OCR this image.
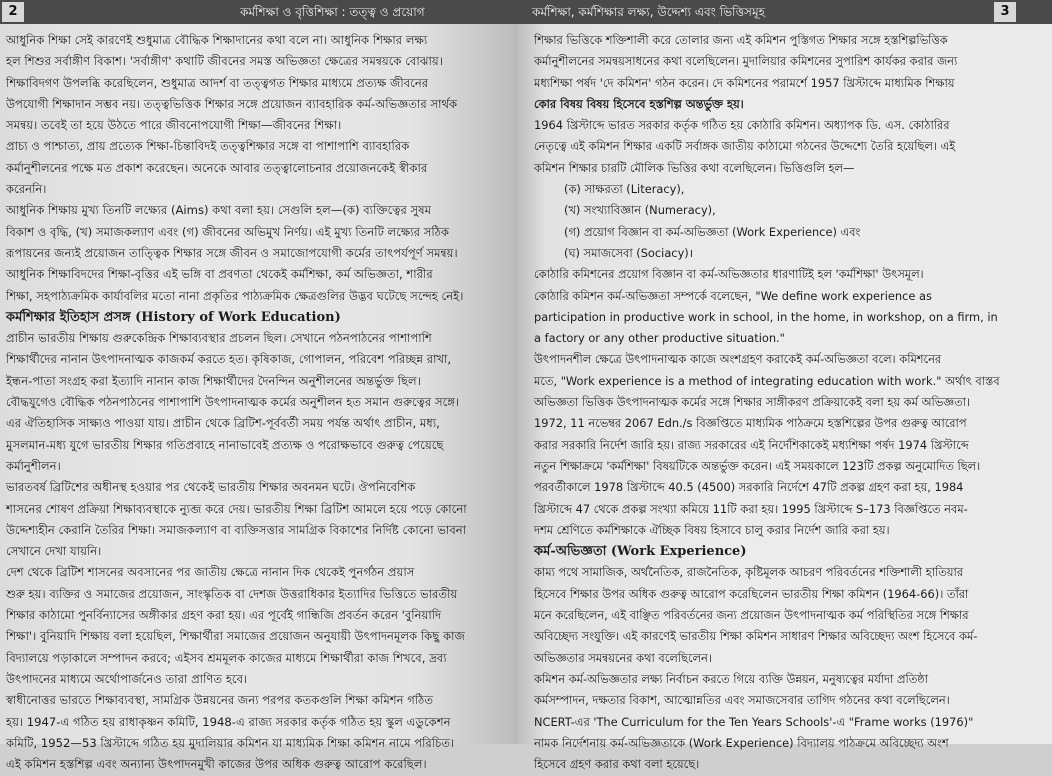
কর্মশিক্ষা ও বৃত্তিশিক্ষা : তত্ত্ব ও প্রয়োগ
2
আধুনিক শিক্ষা সেই কারণেই শুধুমাত্র বৌদ্ধিক শিক্ষাদানের কথা বলে না। আধুনিক শিক্ষার লক্ষ্য
হল শিশুর সর্বাঙ্গীণ বিকাশ। 'সর্বাঙ্গীণ' কথাটি জীবনের সমস্ত অভিজ্ঞতা ক্ষেত্রের সমন্বয়কে বোঝায়।
শিক্ষাবিদগণ উপলব্ধি করেছিলেন, শুধুমাত্র আদর্শ বা তত্ত্বগত শিক্ষার মাধ্যমে প্রত্যক্ষ জীবনের
উপযোগী শিক্ষাদান সম্ভব নয়। তত্ত্বভিত্তিক শিক্ষার সঙ্গে প্রয়োজন ব্যাবহারিক কর্ম-অভিজ্ঞতার সার্থক
সমন্বয়। তবেই তা হয়ে উঠতে পারে জীবনোপযোগী শিক্ষা—জীবনের শিক্ষা।
প্রাচ্য ও পাশ্চাত্য, প্রায় প্রত্যেক শিক্ষা-চিন্তাবিদই তত্ত্বশিক্ষার সঙ্গে বা পাশাপাশি ব্যাবহারিক
কর্মানুশীলনের পক্ষে মত প্রকাশ করেছেন। অনেকে আবার তত্ত্বালোচনার প্রয়োজনকেই স্বীকার
করেননি।
আধুনিক শিক্ষায় মুখ্য তিনটি লক্ষ্যের (Aims) কথা বলা হয়। সেগুলি হল—(ক) ব্যক্তিত্বের সুষম
বিকাশ ও বৃদ্ধি, (খ) সমাজকল্যাণ এবং (গ) জীবনের অভিমুখ নির্ণয়। এই মুখ্য তিনটি লক্ষ্যের সঠিক
রূপায়নের জন্যই প্রয়োজন তাত্ত্বিক শিক্ষার সঙ্গে জীবন ও সমাজোপযোগী কর্মের তাৎপর্যপূর্ণ সমন্বয়।
আধুনিক শিক্ষাবিদদের শিক্ষা-বৃত্তির এই ভঙ্গি বা প্রবণতা থেকেই কর্মশিক্ষা, কর্ম অভিজ্ঞতা, শারীর
শিক্ষা, সহপাঠ্যক্রমিক কার্যাবলির মতো নানা প্রকৃতির পাঠ্যক্রমিক ক্ষেত্রগুলির উদ্ভব ঘটেছে সন্দেহ নেই।
কর্মশিক্ষার ইতিহাস প্রসঙ্গ (History of Work Education)
প্রাচীন ভারতীয় শিক্ষায় গুরুকেন্দ্রিক শিক্ষাব্যবস্থার প্রচলন ছিল। সেখানে পঠনপাঠনের পাশাপাশি
শিক্ষার্থীদের নানান উৎপাদনাত্মক কাজকর্ম করতে হত। কৃষিকাজ, গোপালন, পরিবেশ পরিচ্ছন্ন রাখা,
ইন্ধন-পাতা সংগ্রহ করা ইত্যাদি নানান কাজ শিক্ষার্থীদের দৈনন্দিন অনুশীলনের অন্তর্ভুক্ত ছিল।
বৌদ্ধযুগেও বৌদ্ধিক পঠনপাঠনের পাশাপাশি উৎপাদনাত্মক কর্মের অনুশীলন হত সমান গুরুত্বের সঙ্গে।
এর ঐতিহাসিক সাক্ষ্যও পাওয়া যায়। প্রাচীন থেকে ব্রিটিশ-পূর্ববর্তী সময় পর্যন্ত অর্থাৎ প্রাচীন, মধ্য,
মুসলমান-মধ্য যুগে ভারতীয় শিক্ষার গতিপ্রবাহে নানাভাবেই প্রত্যক্ষ ও পরোক্ষভাবে গুরুত্ব পেয়েছে
কর্মানুশীলন।
ভারতবর্ষ ব্রিটিশের অধীনস্থ হওয়ার পর থেকেই ভারতীয় শিক্ষার অবনমন ঘটে। ঔপনিবেশিক
শাসনের শোষণ প্রক্রিয়া শিক্ষাব্যবস্থাকে ন্যুব্জ করে দেয়। ভারতীয় শিক্ষা ব্রিটিশ আমলে হয়ে পড়ে কোনো
উদ্দেশ্যহীন কেরানি তৈরির শিক্ষা। সমাজকল্যাণ বা ব্যক্তিসত্তার সামগ্রিক বিকাশের নির্দিষ্ট কোনো ভাবনা
সেখানে দেখা যায়নি।
দেশ থেকে ব্রিটিশ শাসনের অবসানের পর জাতীয় ক্ষেত্রে নানান দিক থেকেই পুনর্গঠন প্রয়াস
শুরু হয়। ব্যক্তির ও সমাজের প্রয়োজন, সাংস্কৃতিক বা দেশজ উত্তরাধিকার ইত্যাদির ভিত্তিতে ভারতীয়
শিক্ষার কাঠামো পুনর্বিন্যাসের অঙ্গীকার গ্রহণ করা হয়। এর পূর্বেই গান্ধিজি প্রবর্তন করেন 'বুনিয়াদি
শিক্ষা'। বুনিয়াদি শিক্ষায় বলা হয়েছিল, শিক্ষার্থীরা সমাজের প্রয়োজন অনুযায়ী উৎপাদনমূলক কিছু কাজ
বিদ্যালয়ে পড়াকালে সম্পাদন করবে; এইসব শ্রমমূলক কাজের মাধ্যমে শিক্ষার্থীরা কাজ শিখবে, দ্রব্য
উৎপাদনের মাধ্যমে অর্থোপার্জনেও তারা প্রাণিত হবে।
স্বাধীনোত্তর ভারতে শিক্ষাব্যবস্থা, সামগ্রিক উন্নয়নের জন্য পরপর কতকগুলি শিক্ষা কমিশন গঠিত
হয়। 1947-এ গঠিত হয় রাধাকৃষ্ণন কমিটি, 1948-এ রাজ্য সরকার কর্তৃক গঠিত হয় স্কুল এডুকেশন
কমিটি, 1952—53 খ্রিস্টাব্দে গঠিত হয় মুদালিয়ার কমিশন যা মাধ্যমিক শিক্ষা কমিশন নামে পরিচিত।
এই কমিশন হস্তশিল্প এবং অন্যান্য উৎপাদনমুখী কাজের উপর অধিক গুরুত্ব আরোপ করেছিল।
কর্মশিক্ষা, কর্মশিক্ষার লক্ষ্য, উদ্দেশ্য এবং ভিত্তিসমূহ	3
শিক্ষার ভিত্তিকে শক্তিশালী করে তোলার জন্য এই কমিশন পুস্তিগত শিক্ষার সঙ্গে হস্তশিল্পভিত্তিক
কর্মানুশীলনের সমন্বয়সাধনের কথা বলেছিলেন। মুদালিয়ার কমিশনের সুপারিশ কার্যকর করার জন্য
মধ্যশিক্ষা পর্ষদ 'দে কমিশন' গঠন করেন। দে কমিশনের পরামর্শে 1957 খ্রিস্টাব্দে মাধ্যমিক শিক্ষায়
কোর বিষয় বিষয় হিসেবে হস্তশিল্প অন্তর্ভুক্ত হয়।
1964 খ্রিস্টাব্দে ভারত সরকার কর্তৃক গঠিত হয় কোঠারি কমিশন। অধ্যাপক ডি. এস. কোঠারির
নেতৃত্বে এই কমিশন শিক্ষার একটি সর্বাঙ্গক জাতীয় কাঠামো গঠনের উদ্দেশ্যে তৈরি হয়েছিল। এই
কমিশন শিক্ষার চারটি মৌলিক ভিত্তির কথা বলেছিলেন। ভিত্তিগুলি হল—
(ক) সাক্ষরতা (Literacy),
(খ) সংখ্যাবিজ্ঞান (Numeracy),
(গ) প্রয়োগ বিজ্ঞান বা কর্ম-অভিজ্ঞতা (Work Experience) এবং
(ঘ) সমাজসেবা (Sociacy)।
কোঠারি কমিশনের প্রয়োগ বিজ্ঞান বা কর্ম-অভিজ্ঞতার ধারণাটিই হল 'কর্মশিক্ষা' উৎসমূল।
কোঠারি কমিশন কর্ম-অভিজ্ঞতা সম্পর্কে বলেছেন, "We define work experience as
participation in productive work in school, in the home, in workshop, on a firm, in
a factory or any other productive situation."
উৎপাদনশীল ক্ষেত্রে উৎপাদনাত্মক কাজে অংশগ্রহণ করাকেই কর্ম-অভিজ্ঞতা বলে। কমিশনের
মতে, "Work experience is a method of integrating education with work." অর্থাৎ বাস্তব
অভিজ্ঞতা ভিত্তিক উৎপাদনাত্মক কর্মের সঙ্গে শিক্ষার সাঙ্গীকরণ প্রক্রিয়াকেই বলা হয় কর্ম অভিজ্ঞতা।
1972, 11 নভেম্বর 2067 Edn./s বিজ্ঞপ্তিতে মাধ্যমিক পাঠক্রমে হস্তশিল্পের উপর গুরুত্ব আরোপ
করার সরকারি নির্দেশ জারি হয়। রাজ্য সরকারের এই নির্দেশিকাকেই মধ্যশিক্ষা পর্ষদ 1974 খ্রিস্টাব্দে
নতুন শিক্ষাক্রমে 'কর্মশিক্ষা' বিষয়টিকে অন্তর্ভুক্ত করেন। এই সময়কালে 123টি প্রকল্প অনুমোদিত ছিল।
পরবর্তীকালে 1978 খ্রিস্টাব্দে 40.5 (4500) সরকারি নির্দেশে 47টি প্রকল্প গ্রহণ করা হয়, 1984
খ্রিস্টাব্দে 47 থেকে প্রকল্প সংখ্যা কমিয়ে 11টি করা হয়। 1995 খ্রিস্টাব্দে S–173 বিজ্ঞপ্তিতে নবম-
দশম শ্রেণিতে কর্মশিক্ষাকে ঐচ্ছিক বিষয় হিসাবে চালু করার নির্দেশ জারি করা হয়।
কর্ম-অভিজ্ঞতা (Work Experience)
কাম্য পথে সামাজিক, অর্থনৈতিক, রাজনৈতিক, কৃষ্টিমূলক আচরণ পরিবর্তনের শক্তিশালী হাতিয়ার
হিসেবে শিক্ষার উপর অধিক গুরুত্ব আরোপ করেছিলেন ভারতীয় শিক্ষা কমিশন (1964-66)। তাঁরা
মনে করেছিলেন, এই বাঞ্ছিত পরিবর্তনের জন্য প্রয়োজন উৎপাদনাত্মক কর্ম পরিস্থিতির সঙ্গে শিক্ষার
অবিচ্ছেদ্য সংযুক্তি। এই কারণেই ভারতীয় শিক্ষা কমিশন সাধারণ শিক্ষার অবিচ্ছেদ্য অংশ হিসেবে কর্ম-
অভিজ্ঞতার সমন্বয়নের কথা বলেছিলেন।
কমিশন কর্ম-অভিজ্ঞতার লক্ষ্য নির্বাচন করতে গিয়ে ব্যক্তি উন্নয়ন, মনুষ্যত্বের মর্যাদা প্রতিষ্ঠা
কর্মসম্পাদন, দক্ষতার বিকাশ, আত্মোন্নতির এবং সমাজসেবার তাগিদ গঠনের কথা বলেছিলেন।
NCERT-এর 'The Curriculum for the Ten Years Schools'-এ "Frame works (1976)"
নামক নির্দেশনায় কর্ম-অভিজ্ঞতাকে (Work Experience) বিদ্যালয় পাঠক্রমে অবিচ্ছেদ্য অংশ
হিসেবে গ্রহণ করার কথা বলা হয়েছে।
